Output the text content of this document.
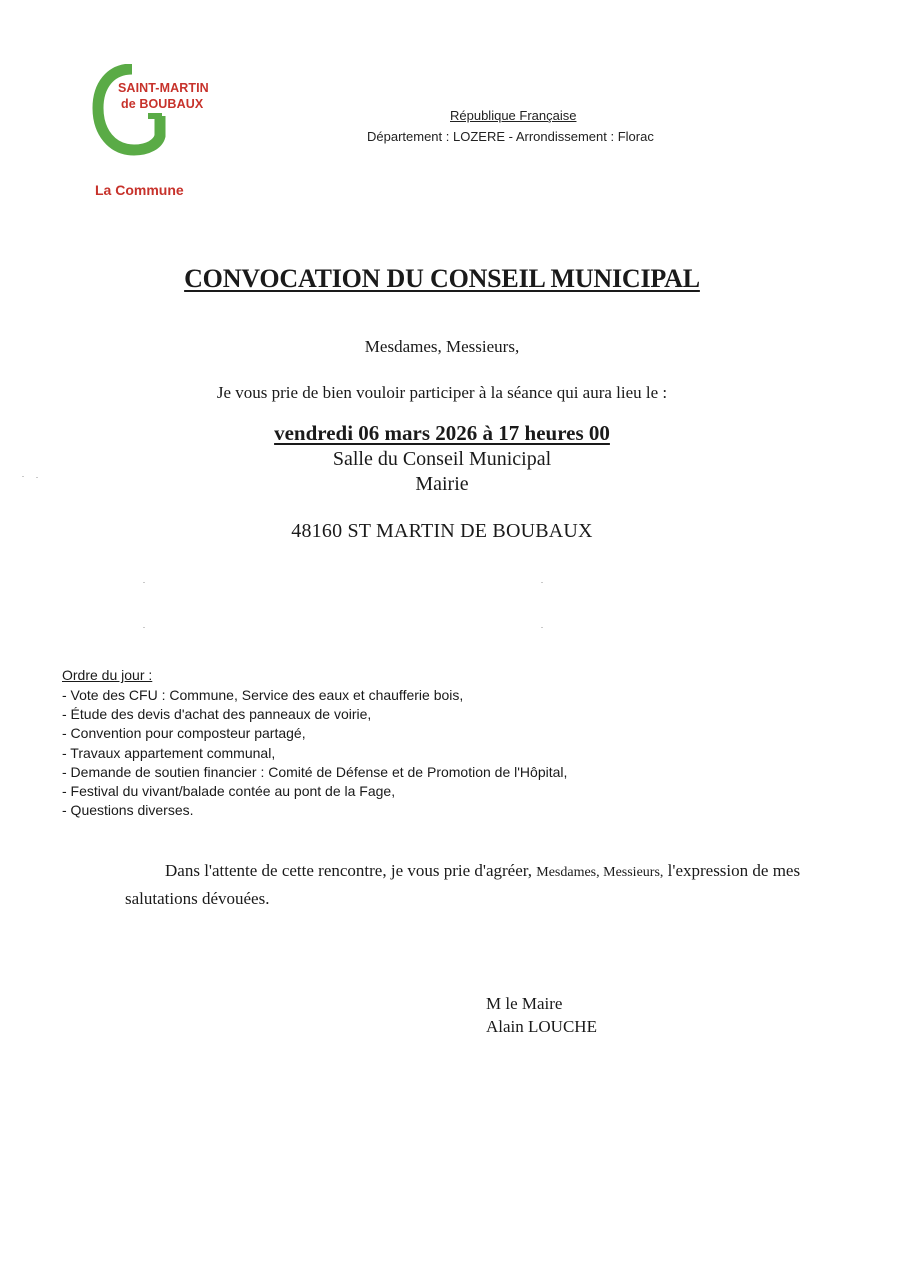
SAINT-MARTIN
de BOUBAUX
La Commune
République Française
Département : LOZERE - Arrondissement : Florac
CONVOCATION DU CONSEIL MUNICIPAL
Mesdames, Messieurs,
Je vous prie de bien vouloir participer à la séance qui aura lieu le :
vendredi 06 mars 2026 à 17 heures 00
Salle du Conseil Municipal
Mairie
48160 ST MARTIN DE BOUBAUX
Ordre du jour :
- Vote des CFU : Commune, Service des eaux et chaufferie bois,
- Étude des devis d'achat des panneaux de voirie,
- Convention pour composteur partagé,
- Travaux appartement communal,
- Demande de soutien financier : Comité de Défense et de Promotion de l'Hôpital,
- Festival du vivant/balade contée au pont de la Fage,
- Questions diverses.

Dans l'attente de cette rencontre, je vous prie d'agréer, Mesdames, Messieurs, l'expression de mes salutations dévouées.

M le Maire
Alain LOUCHE
